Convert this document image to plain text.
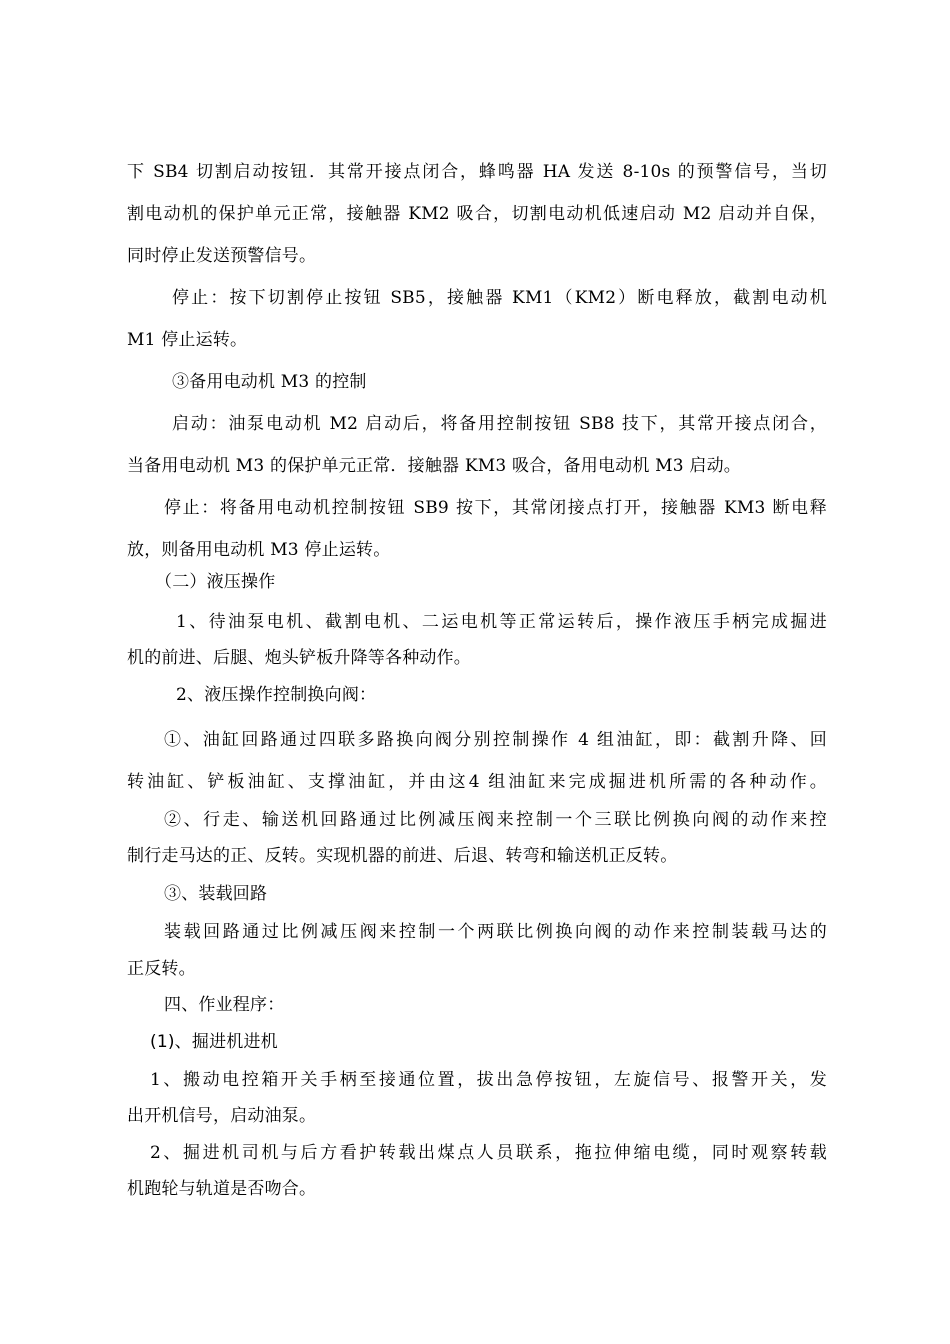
下 SB4 切割启动按钮．其常开接点闭合，蜂鸣器 HA 发送 8-10s 的预警信号，当切
割电动机的保护单元正常，接触器 KM2 吸合，切割电动机低速启动 M2 启动并自保，
同时停止发送预警信号。
停止：按下切割停止按钮 SB5，接触器 KM1（KM2）断电释放，截割电动机
M1 停止运转。
③备用电动机 M3 的控制
启动：油泵电动机 M2 启动后，将备用控制按钮 SB8 技下，其常开接点闭合，
当备用电动机 M3 的保护单元正常．接触器 KM3 吸合，备用电动机 M3 启动。
停止：将备用电动机控制按钮 SB9 按下，其常闭接点打开，接触器 KM3 断电释
放，则备用电动机 M3 停止运转。
（二）液压操作
1、待油泵电机、截割电机、二运电机等正常运转后，操作液压手柄完成掘进
机的前进、后腿、炮头铲板升降等各种动作。
2、液压操作控制换向阀：
➀、油缸回路通过四联多路换向阀分别控制操作 4 组油缸，即：截割升降、回
转油缸、铲板油缸、支撑油缸，并由这4 组油缸来完成掘进机所需的各种动作。
②、行走、输送机回路通过比例减压阀来控制一个三联比例换向阀的动作来控
制行走马达的正、反转。实现机器的前进、后退、转弯和输送机正反转。
③、装载回路
装载回路通过比例减压阀来控制一个两联比例换向阀的动作来控制装载马达的
正反转。
四、作业程序：
(1)、掘进机进机
1、搬动电控箱开关手柄至接通位置，拔出急停按钮，左旋信号、报警开关，发
出开机信号，启动油泵。
2、掘进机司机与后方看护转载出煤点人员联系，拖拉伸缩电缆，同时观察转载
机跑轮与轨道是否吻合。
